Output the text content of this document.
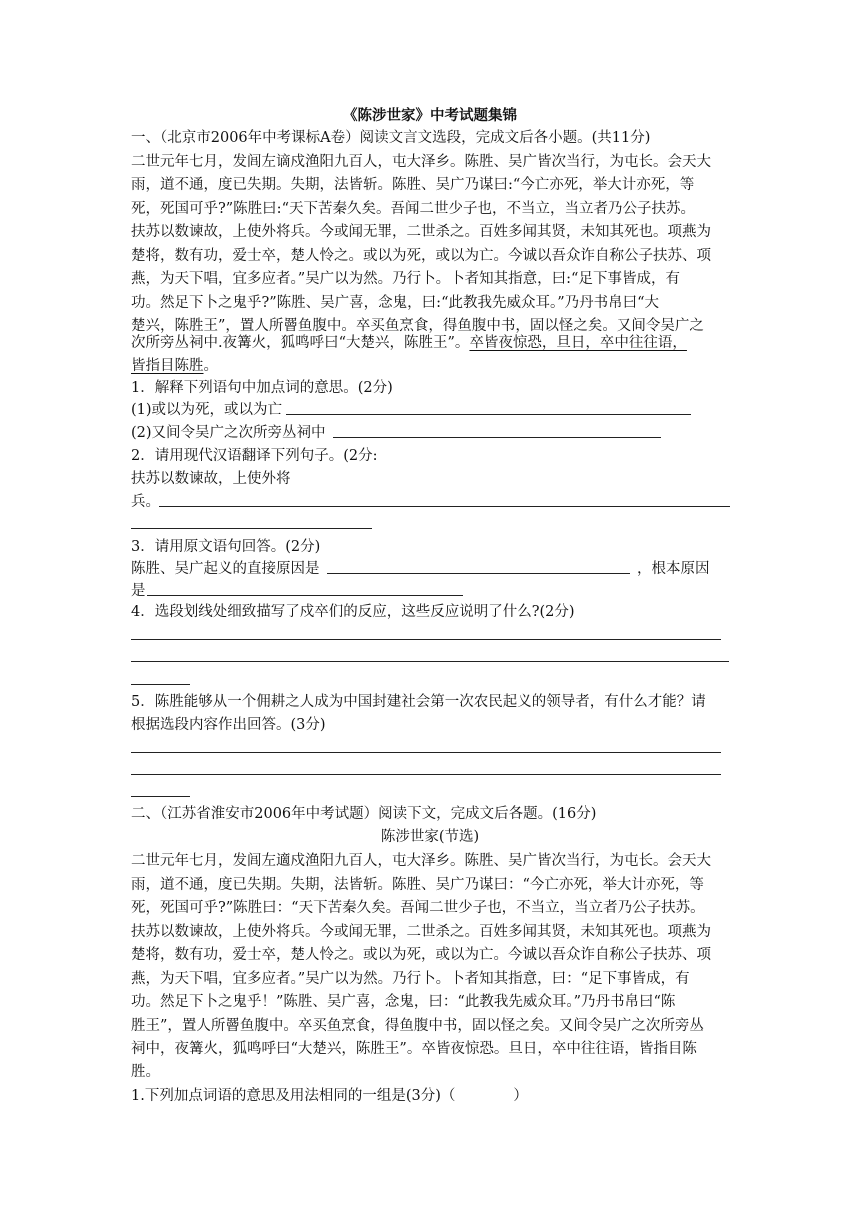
《陈涉世家》中考试题集锦
一、（北京市2006年中考课标A卷）阅读文言文选段，完成文后各小题。(共11分)
二世元年七月，发闾左谪戍渔阳九百人，屯大泽乡。陈胜、吴广皆次当行，为屯长。会天大
雨，道不通，度已失期。失期，法皆斩。陈胜、吴广乃谋曰:“今亡亦死，举大计亦死，等
死，死国可乎?”陈胜曰:“天下苦秦久矣。吾闻二世少子也，不当立，当立者乃公子扶苏。
扶苏以数谏故，上使外将兵。今或闻无罪，二世杀之。百姓多闻其贤，未知其死也。项燕为
楚将，数有功，爱士卒，楚人怜之。或以为死，或以为亡。今诚以吾众诈自称公子扶苏、项
燕，为天下唱，宜多应者。”吴广以为然。乃行卜。卜者知其指意，曰:“足下事皆成，有
功。然足下卜之鬼乎?”陈胜、吴广喜，念鬼，曰:“此教我先威众耳。”乃丹书帛曰“大
楚兴，陈胜王”，置人所罾鱼腹中。卒买鱼烹食，得鱼腹中书，固以怪之矣。又间令吴广之
次所旁丛祠中.夜篝火，狐鸣呼曰“大楚兴，陈胜王”。卒皆夜惊恐，旦日，卒中往往语，
皆指目陈胜。
1．解释下列语句中加点词的意思。(2分)
(1)或以为死，或以为亡
(2)又间令吴广之次所旁丛祠中
2．请用现代汉语翻译下列句子。(2分:
扶苏以数谏故，上使外将
兵。
3．请用原文语句回答。(2分)
陈胜、吴广起义的直接原因是	，根本原因
是
4．选段划线处细致描写了戍卒们的反应，这些反应说明了什么?(2分)
5．陈胜能够从一个佣耕之人成为中国封建社会第一次农民起义的领导者，有什么才能？请
根据选段内容作出回答。(3分)
二、（江苏省淮安市2006年中考试题）阅读下文，完成文后各题。(16分)
陈涉世家(节选)
二世元年七月，发闾左適戍渔阳九百人，屯大泽乡。陈胜、吴广皆次当行，为屯长。会天大
雨，道不通，度已失期。失期，法皆斩。陈胜、吴广乃谋曰：“今亡亦死，举大计亦死，等
死，死国可乎?”陈胜曰：“天下苦秦久矣。吾闻二世少子也，不当立，当立者乃公子扶苏。
扶苏以数谏故，上使外将兵。今或闻无罪，二世杀之。百姓多闻其贤，未知其死也。项燕为
楚将，数有功，爱士卒，楚人怜之。或以为死，或以为亡。今诚以吾众诈自称公子扶苏、项
燕，为天下唱，宜多应者。”吴广以为然。乃行卜。卜者知其指意，曰：“足下事皆成，有
功。然足下卜之鬼乎！”陈胜、吴广喜，念鬼，曰：“此教我先威众耳。”乃丹书帛曰“陈
胜王”，置人所罾鱼腹中。卒买鱼烹食，得鱼腹中书，固以怪之矣。又间令吴广之次所旁丛
祠中，夜篝火，狐鸣呼曰“大楚兴，陈胜王”。卒皆夜惊恐。旦日，卒中往往语，皆指目陈
胜。
1.下列加点词语的意思及用法相同的一组是(3分)（　　　　）
